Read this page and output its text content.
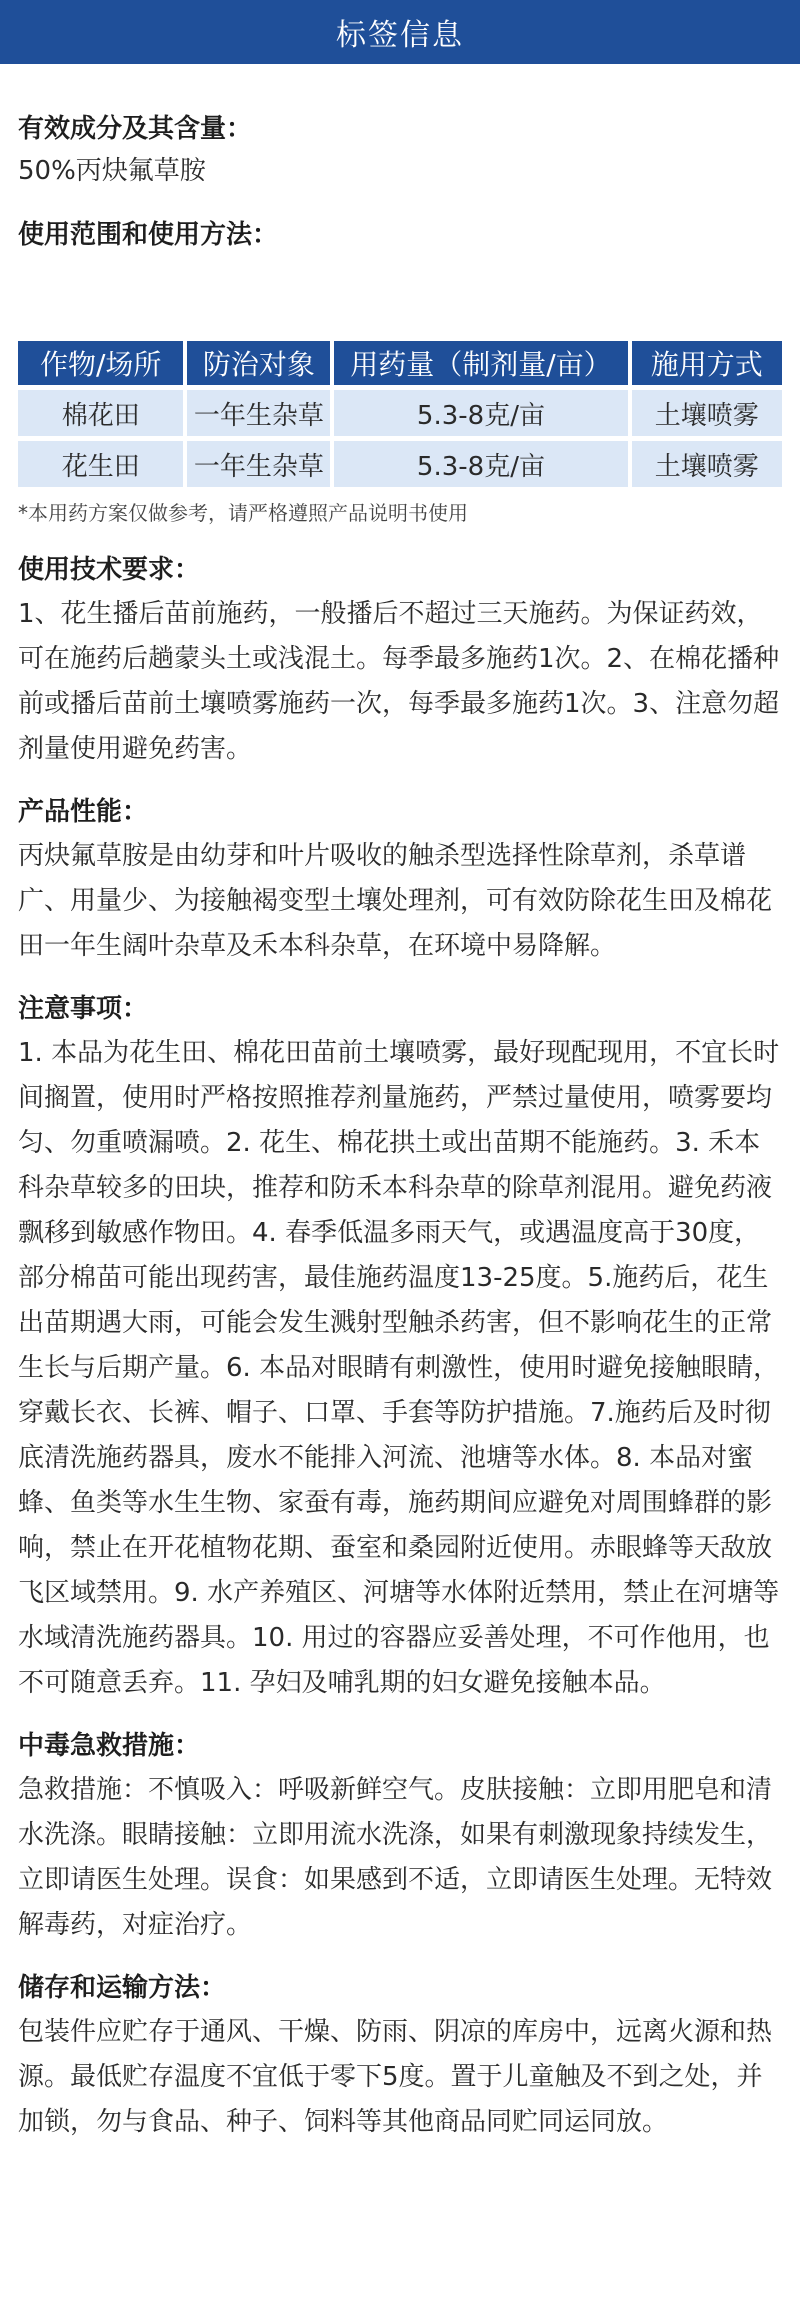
标签信息

有效成分及其含量：

50%丙炔氟草胺

使用范围和使用方法：

作物/场所	防治对象	用药量（制剂量/亩）	施用方式
棉花田	一年生杂草	5.3-8克/亩	土壤喷雾
花生田	一年生杂草	5.3-8克/亩	土壤喷雾

*本用药方案仅做参考，请严格遵照产品说明书使用

使用技术要求：

1、花生播后苗前施药，一般播后不超过三天施药。为保证药效，可在施药后趟蒙头土或浅混土。每季最多施药1次。2、在棉花播种前或播后苗前土壤喷雾施药一次，每季最多施药1次。3、注意勿超剂量使用避免药害。

产品性能：

丙炔氟草胺是由幼芽和叶片吸收的触杀型选择性除草剂，杀草谱广、用量少、为接触褐变型土壤处理剂，可有效防除花生田及棉花田一年生阔叶杂草及禾本科杂草，在环境中易降解。

注意事项：

1. 本品为花生田、棉花田苗前土壤喷雾，最好现配现用，不宜长时间搁置，使用时严格按照推荐剂量施药，严禁过量使用，喷雾要均匀、勿重喷漏喷。2. 花生、棉花拱土或出苗期不能施药。3. 禾本科杂草较多的田块，推荐和防禾本科杂草的除草剂混用。避免药液飘移到敏感作物田。4. 春季低温多雨天气，或遇温度高于30度，部分棉苗可能出现药害，最佳施药温度13-25度。5.施药后，花生出苗期遇大雨，可能会发生溅射型触杀药害，但不影响花生的正常生长与后期产量。6. 本品对眼睛有刺激性，使用时避免接触眼睛，穿戴长衣、长裤、帽子、口罩、手套等防护措施。7.施药后及时彻底清洗施药器具，废水不能排入河流、池塘等水体。8. 本品对蜜蜂、鱼类等水生生物、家蚕有毒，施药期间应避免对周围蜂群的影响，禁止在开花植物花期、蚕室和桑园附近使用。赤眼蜂等天敌放飞区域禁用。9. 水产养殖区、河塘等水体附近禁用，禁止在河塘等水域清洗施药器具。10. 用过的容器应妥善处理，不可作他用，也不可随意丢弃。11. 孕妇及哺乳期的妇女避免接触本品。

中毒急救措施：

急救措施：不慎吸入：呼吸新鲜空气。皮肤接触：立即用肥皂和清水洗涤。眼睛接触：立即用流水洗涤，如果有刺激现象持续发生，立即请医生处理。误食：如果感到不适，立即请医生处理。无特效解毒药，对症治疗。

储存和运输方法：

包装件应贮存于通风、干燥、防雨、阴凉的库房中，远离火源和热源。最低贮存温度不宜低于零下5度。置于儿童触及不到之处，并加锁，勿与食品、种子、饲料等其他商品同贮同运同放。
